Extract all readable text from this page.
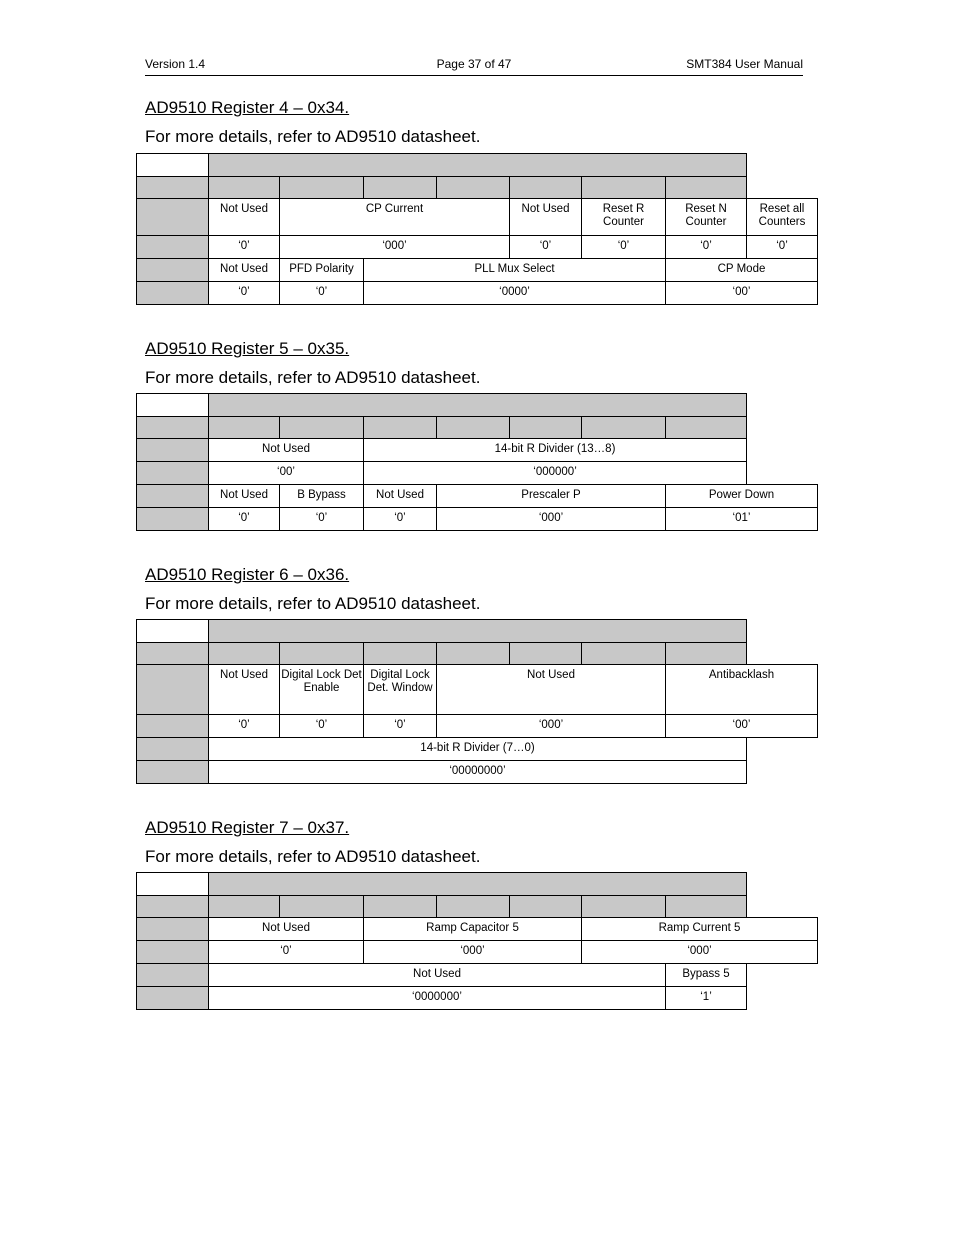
Version 1.4	Page 37 of 47	SMT384 User Manual
AD9510 Register 4 – 0x34.
For more details, refer to AD9510 datasheet.

	Not Used	CP Current			Not Used	Reset R Counter	Reset N Counter	Reset all Counters
	‘0’	‘000’			‘0’	‘0’	‘0’	‘0’
	Not Used	PFD Polarity	PLL Mux Select				CP Mode	
	‘0’	‘0’	‘0000’				‘00’	
AD9510 Register 5 – 0x35.
For more details, refer to AD9510 datasheet.

	Not Used		14-bit R Divider (13…8)				
	‘00’		‘000000’				
	Not Used	B Bypass	Not Used	Prescaler P			Power Down
	‘0’	‘0’	‘0’	‘000’			‘01’
AD9510 Register 6 – 0x36.
For more details, refer to AD9510 datasheet.

	Not Used	Digital Lock Det Enable	Digital Lock Det. Window	Not Used			Antibacklash
	‘0’	‘0’	‘0’	‘000’			‘00’
	14-bit R Divider (7…0)						
	‘00000000’						
AD9510 Register 7 – 0x37.
For more details, refer to AD9510 datasheet.

	Not Used		Ramp Capacitor 5			Ramp Current 5	
	‘0’		‘000’			‘000’	
	Not Used						Bypass 5
	‘0000000’						‘1’
